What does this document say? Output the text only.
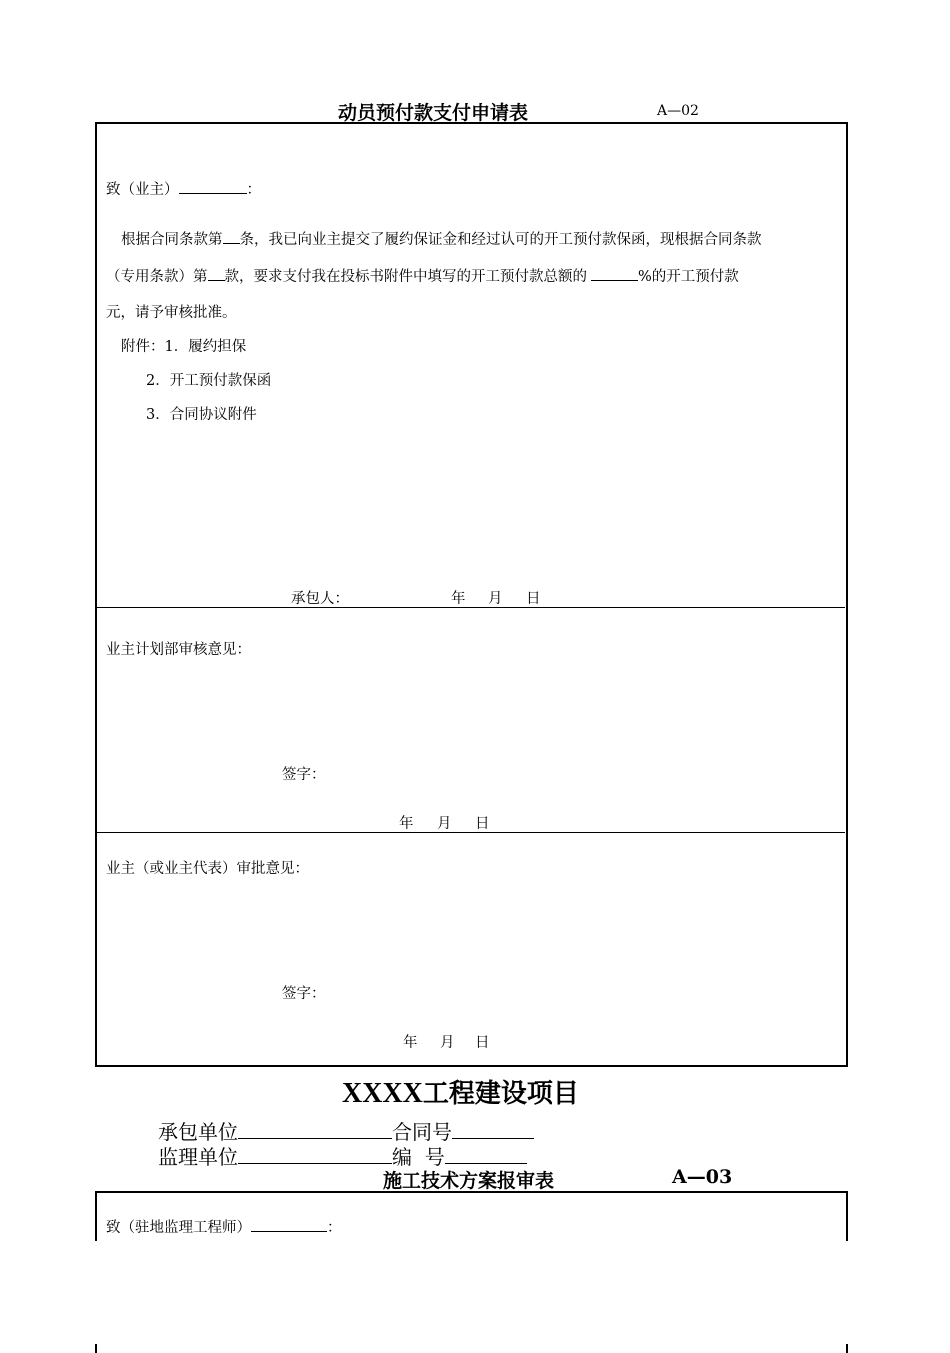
动员预付款支付申请表	A—02
致（业主）	：
根据合同条款第 条，我已向业主提交了履约保证金和经过认可的开工预付款保函，现根据合同条款
（专用条款）第 款，要求支付我在投标书附件中填写的开工预付款总额的	%的开工预付款
元，请予审核批准。
附件：1．履约担保
2．开工预付款保函
3．合同协议附件
承包人：	年 月 日
业主计划部审核意见：
签字：
年 月 日
业主（或业主代表）审批意见：
签字：
年 月 日
XXXX工程建设项目
承包单位	合同号
监理单位	编  号
施工技术方案报审表	A—03
致（驻地监理工程师）	：
